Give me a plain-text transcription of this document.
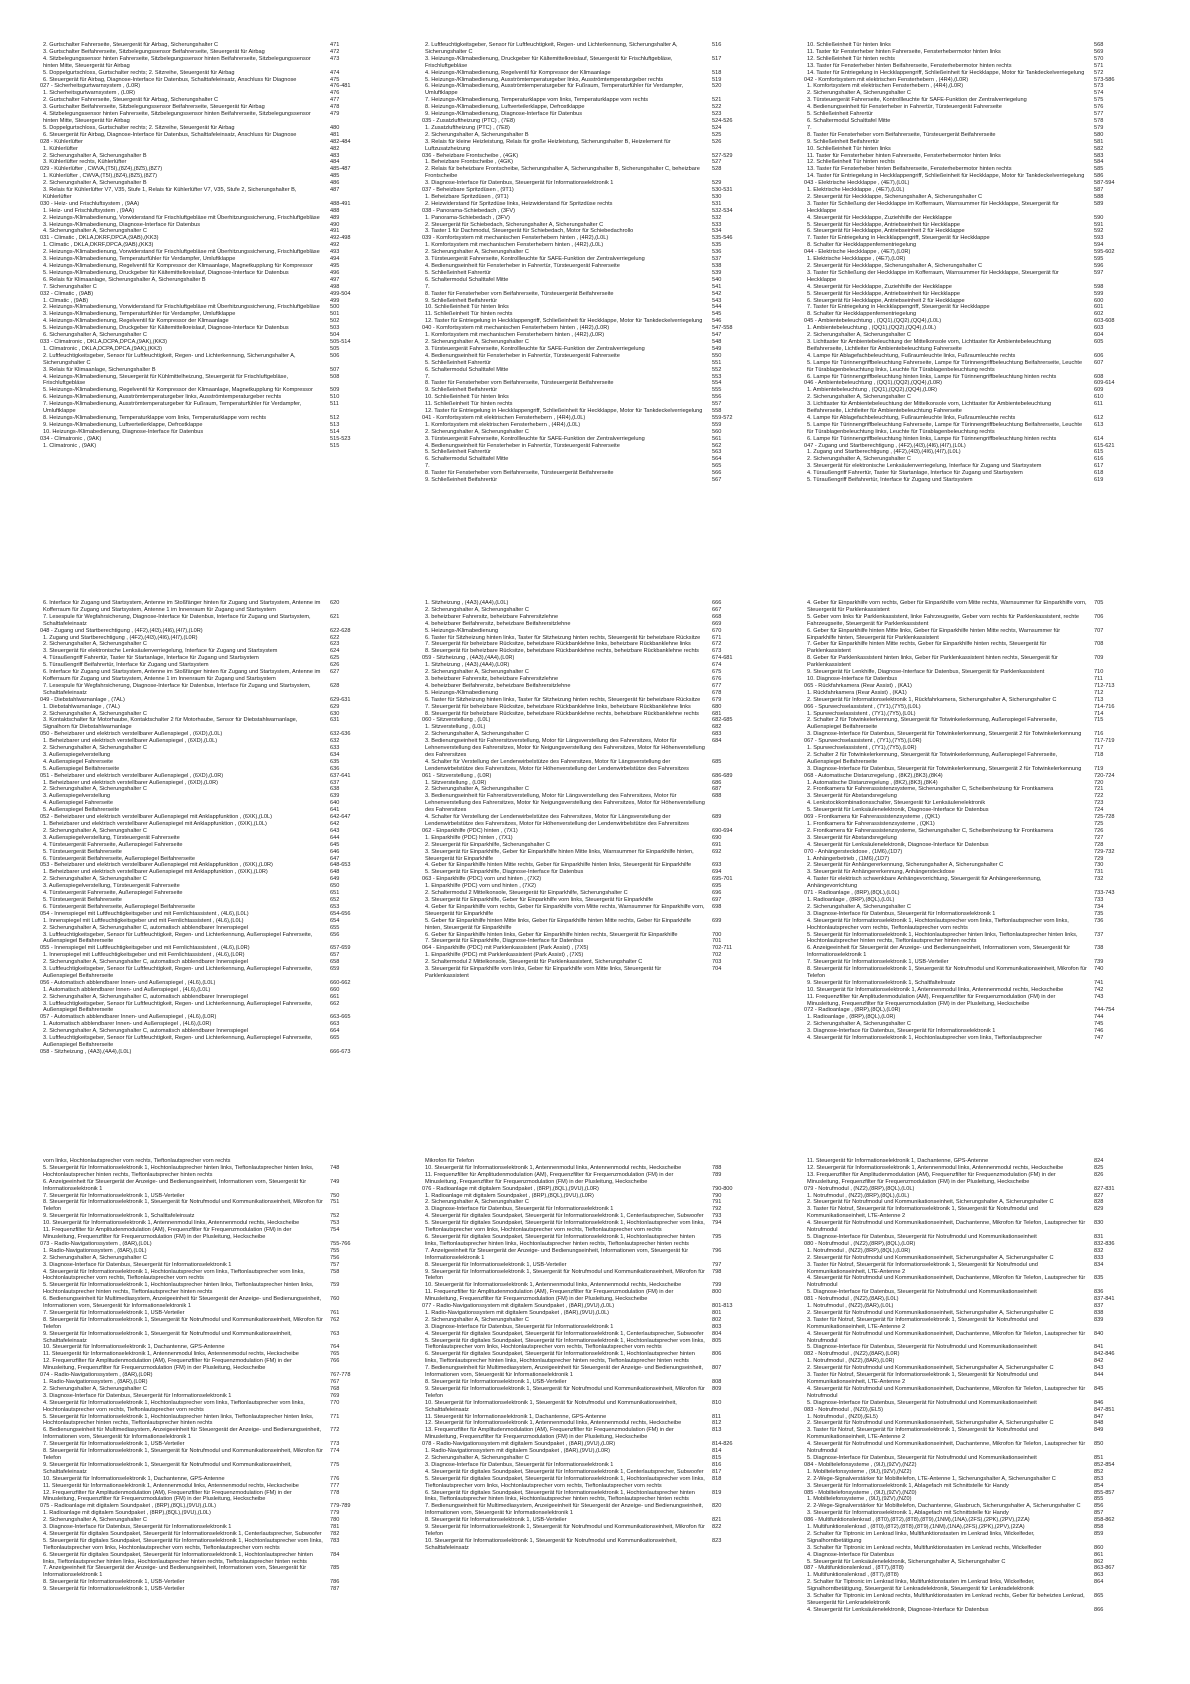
2. Gurtschalter Fahrerseite, Steuergerät für Airbag, Sicherungshalter C	471
3. Gurtschalter Beifahrerseite, Sitzbelegungssensor Beifahrerseite, Steuergerät für Airbag	472
4. Sitzbelegungssensor hinten Fahrerseite, Sitzbelegungssensor hinten Beifahrerseite, Sitzbelegungssensor hinten Mitte, Steuergerät für Airbag
473
5. Doppelgurtschloss, Gurtschalter rechts; 2. Sitzreihe, Steuergerät für Airbag	474
6. Steuergerät für Airbag, Diagnose-Interface für Datenbus, Schalttafeleinsatz, Anschluss für Diagnose	475
027 - Sicherheitsgurtwarnsystem , (L0R)	476-481
1. Sicherheitsgurtwarnsystem , (L0R)	476
2. Gurtschalter Fahrerseite, Steuergerät für Airbag, Sicherungshalter C	477
3. Gurtschalter Beifahrerseite, Sitzbelegungssensor Beifahrerseite, Steuergerät für Airbag	478
4. Sitzbelegungssensor hinten Fahrerseite, Sitzbelegungssensor hinten Beifahrerseite, Sitzbelegungssensor hinten Mitte, Steuergerät für Airbag
479
5. Doppelgurtschloss, Gurtschalter rechts; 2. Sitzreihe, Steuergerät für Airbag	480
6. Steuergerät für Airbag, Diagnose-Interface für Datenbus, Schalttafeleinsatz, Anschluss für Diagnose	481
028 - Kühlerlüfter	482-484
1. Kühlerlüfter	482
2. Sicherungshalter A, Sicherungshalter B	483
3. Kühlerlüfter rechts, Kühlerlüfter	484
029 - Kühlerlüfter , CWVA,(T5I),(8Z4),(8Z5),(8Z7)	485-487
1. Kühlerlüfter , CWVA,(T5I),(8Z4),(8Z5),(8Z7)	485
2. Sicherungshalter A, Sicherungshalter B	486
3. Relais für Kühlerlüfter V7, V35, Stufe 1, Relais für Kühlerlüfter V7, V35, Stufe 2, Sicherungshalter B, Kühlerlüfter
487
030 - Heiz- und Frischluftsystem , (9AA)	488-491
1. Heiz- und Frischluftsystem , (9AA)	488
2. Heizungs-/Klimabedienung, Vorwiderstand für Frischluftgebläse mit Überhitzungssicherung, Frischluftgebläse	489
3. Heizungs-/Klimabedienung, Diagnose-Interface für Datenbus	490
4. Sicherungshalter A, Sicherungshalter C	491
031 - Climatic , DKLA,DKRF,DPCA,(9AB),(KK3)	492-498
1. Climatic , DKLA,DKRF,DPCA,(9AB),(KK3)	492
2. Heizungs-/Klimabedienung, Vorwiderstand für Frischluftgebläse mit Überhitzungssicherung, Frischluftgebläse	493
3. Heizungs-/Klimabedienung, Temperaturfühler für Verdampfer, Umluftklappe	494
4. Heizungs-/Klimabedienung, Regelventil für Kompressor der Klimaanlage, Magnetkupplung für Kompressor	495
5. Heizungs-/Klimabedienung, Druckgeber für Kältemittelkreislauf, Diagnose-Interface für Datenbus	496
6. Relais für Klimaanlage, Sicherungshalter A, Sicherungshalter B	497
7. Sicherungshalter C	498
032 - Climatic , (9AB)	499-504
1. Climatic , (9AB)	499
2. Heizungs-/Klimabedienung, Vorwiderstand für Frischluftgebläse mit Überhitzungssicherung, Frischluftgebläse	500
3. Heizungs-/Klimabedienung, Temperaturfühler für Verdampfer, Umluftklappe	501
4. Heizungs-/Klimabedienung, Regelventil für Kompressor der Klimaanlage	502
5. Heizungs-/Klimabedienung, Druckgeber für Kältemittelkreislauf, Diagnose-Interface für Datenbus	503
6. Sicherungshalter A, Sicherungshalter C	504
033 - Climatronic , DKLA,DCPA,DPCA,(9AK),(KK3)	505-514
1. Climatronic , DKLA,DCPA,DPCA,(9AK),(KK3)	505
2. Luftfeuchtigkeitsgeber, Sensor für Luftfeuchtigkeit, Regen- und Lichterkennung, Sicherungshalter A, Sicherungshalter C
506
3. Relais für Klimaanlage, Sicherungshalter B	507
4. Heizungs-/Klimabedienung, Steuergerät für Kühlmittelheizung, Steuergerät für Frischluftgebläse, Frischluftgebläse
508
5. Heizungs-/Klimabedienung, Regelventil für Kompressor der Klimaanlage, Magnetkupplung für Kompressor	509
6. Heizungs-/Klimabedienung, Ausströmtemperaturgeber links, Ausströmtemperaturgeber rechts	510
7. Heizungs-/Klimabedienung, Ausströmtemperaturgeber für Fußraum, Temperaturfühler für Verdampfer, Umluftklappe
511
8. Heizungs-/Klimabedienung, Temperaturklappe vorn links, Temperaturklappe vorn rechts	512
9. Heizungs-/Klimabedienung, Luftverteilerklappe, Defrostklappe	513
10. Heizungs-/Klimabedienung, Diagnose-Interface für Datenbus	514
034 - Climatronic , (9AK)	515-523
1. Climatronic , (9AK)	515
2. Luftfeuchtigkeitsgeber, Sensor für Luftfeuchtigkeit, Regen- und Lichterkennung, Sicherungshalter A, Sicherungshalter C
516
3. Heizungs-/Klimabedienung, Druckgeber für Kältemittelkreislauf, Steuergerät für Frischluftgebläse, Frischluftgebläse
517
4. Heizungs-/Klimabedienung, Regelventil für Kompressor der Klimaanlage	518
5. Heizungs-/Klimabedienung, Ausströmtemperaturgeber links, Ausströmtemperaturgeber rechts	519
6. Heizungs-/Klimabedienung, Ausströmtemperaturgeber für Fußraum, Temperaturfühler für Verdampfer, Umluftklappe
520
7. Heizungs-/Klimabedienung, Temperaturklappe vorn links, Temperaturklappe vorn rechts	521
8. Heizungs-/Klimabedienung, Luftverteilerklappe, Defrostklappe	522
9. Heizungs-/Klimabedienung, Diagnose-Interface für Datenbus	523
035 - Zusatzluftheizung (PTC) , (7E8)	524-526
1. Zusatzluftheizung (PTC) , (7E8)	524
2. Sicherungshalter A, Sicherungshalter B	525
3. Relais für kleine Heizleistung, Relais für große Heizleistung, Sicherungshalter B, Heizelement für Luftzusatzheizung
526
036 - Beheizbare Frontscheibe , (4GK)	527-529
1. Beheizbare Frontscheibe , (4GK)	527
2. Relais für beheizbare Frontscheibe, Sicherungshalter A, Sicherungshalter B, Sicherungshalter C, beheizbare Frontscheibe
528
3. Diagnose-Interface für Datenbus, Steuergerät für Informationselektronik 1	529
037 - Beheizbare Spritzdüsen , (9T1)	530-531
1. Beheizbare Spritzdüsen , (9T1)	530
2. Heizwiderstand für Spritzdüse links, Heizwiderstand für Spritzdüse rechts	531
038 - Panorama-Schiebedach , (3FV)	532-534
1. Panorama-Schiebedach , (3FV)	532
2. Steuergerät für Schiebedach, Sicherungshalter A, Sicherungshalter C	533
3. Taster 1 für Dachmodul, Steuergerät für Schiebedach, Motor für Schiebedachrollo	534
039 - Komfortsystem mit mechanischen Fensterhebern hinten , (4R2),(L0L)	535-546
1. Komfortsystem mit mechanischen Fensterhebern hinten , (4R2),(L0L)	535
2. Sicherungshalter A, Sicherungshalter C	536
3. Türsteuergerät Fahrerseite, Kontrollleuchte für SAFE-Funktion der Zentralverriegelung	537
4. Bedienungseinheit für Fensterheber in Fahrertür, Türsteuergerät Fahrerseite	538
5. Schließeinheit Fahrertür	539
6. Schaltermodul Schalttafel Mitte	540
7.	541
8. Taster für Fensterheber vorn Beifahrerseite, Türsteuergerät Beifahrerseite	542
9. Schließeinheit Beifahrertür	543
10. Schließeinheit Tür hinten links	544
11. Schließeinheit Tür hinten rechts	545
12. Taster für Entriegelung in Heckklappengriff, Schließeinheit für Heckklappe, Motor für Tankdeckelverriegelung	546
040 - Komfortsystem mit mechanischen Fensterhebern hinten , (4R2),(L0R)	547-558
1. Komfortsystem mit mechanischen Fensterhebern hinten , (4R2),(L0R)	547
2. Sicherungshalter A, Sicherungshalter C	548
3. Türsteuergerät Fahrerseite, Kontrollleuchte für SAFE-Funktion der Zentralverriegelung	549
4. Bedienungseinheit für Fensterheber in Fahrertür, Türsteuergerät Fahrerseite	550
5. Schließeinheit Fahrertür	551
6. Schaltermodul Schalttafel Mitte	552
7.	553
8. Taster für Fensterheber vorn Beifahrerseite, Türsteuergerät Beifahrerseite	554
9. Schließeinheit Beifahrertür	555
10. Schließeinheit Tür hinten links	556
11. Schließeinheit Tür hinten rechts	557
12. Taster für Entriegelung in Heckklappengriff, Schließeinheit für Heckklappe, Motor für Tankdeckelverriegelung	558
041 - Komfortsystem mit elektrischen Fensterhebern , (4R4),(L0L)	559-572
1. Komfortsystem mit elektrischen Fensterhebern , (4R4),(L0L)	559
2. Sicherungshalter A, Sicherungshalter C	560
3. Türsteuergerät Fahrerseite, Kontrollleuchte für SAFE-Funktion der Zentralverriegelung	561
4. Bedienungseinheit für Fensterheber in Fahrertür, Türsteuergerät Fahrerseite	562
5. Schließeinheit Fahrertür	563
6. Schaltermodul Schalttafel Mitte	564
7.	565
8. Taster für Fensterheber vorn Beifahrerseite, Türsteuergerät Beifahrerseite	566
9. Schließeinheit Beifahrertür	567
10. Schließeinheit Tür hinten links	568
11. Taster für Fensterheber hinten Fahrerseite, Fensterhebermotor hinten links	569
12. Schließeinheit Tür hinten rechts	570
13. Taster für Fensterheber hinten Beifahrerseite, Fensterhebermotor hinten rechts	571
14. Taster für Entriegelung in Heckklappengriff, Schließeinheit für Heckklappe, Motor für Tankdeckelverriegelung	572
042 - Komfortsystem mit elektrischen Fensterhebern , (4R4),(L0R)	573-586
1. Komfortsystem mit elektrischen Fensterhebern , (4R4),(L0R)	573
2. Sicherungshalter A, Sicherungshalter C	574
3. Türsteuergerät Fahrerseite, Kontrollleuchte für SAFE-Funktion der Zentralverriegelung	575
4. Bedienungseinheit für Fensterheber in Fahrertür, Türsteuergerät Fahrerseite	576
5. Schließeinheit Fahrertür	577
6. Schaltermodul Schalttafel Mitte	578
7.	579
8. Taster für Fensterheber vorn Beifahrerseite, Türsteuergerät Beifahrerseite	580
9. Schließeinheit Beifahrertür	581
10. Schließeinheit Tür hinten links	582
11. Taster für Fensterheber hinten Fahrerseite, Fensterhebermotor hinten links	583
12. Schließeinheit Tür hinten rechts	584
13. Taster für Fensterheber hinten Beifahrerseite, Fensterhebermotor hinten rechts	585
14. Taster für Entriegelung in Heckklappengriff, Schließeinheit für Heckklappe, Motor für Tankdeckelverriegelung	586
043 - Elektrische Heckklappe , (4E7),(L0L)	587-594
1. Elektrische Heckklappe , (4E7),(L0L)	587
2. Steuergerät für Heckklappe, Sicherungshalter A, Sicherungshalter C	588
3. Taster für Schließung der Heckklappe im Kofferraum, Warnsummer für Heckklappe, Steuergerät für Heckklappe
589
4. Steuergerät für Heckklappe, Zuziehhilfe der Heckklappe	590
5. Steuergerät für Heckklappe, Antriebseinheit für Heckklappe	591
6. Steuergerät für Heckklappe, Antriebseinheit 2 für Heckklappe	592
7. Taster für Entriegelung in Heckklappengriff, Steuergerät für Heckklappe	593
8. Schalter für Heckklappenfernentriegelung	594
044 - Elektrische Heckklappe , (4E7),(L0R)	595-602
1. Elektrische Heckklappe , (4E7),(L0R)	595
2. Steuergerät für Heckklappe, Sicherungshalter A, Sicherungshalter C	596
3. Taster für Schließung der Heckklappe im Kofferraum, Warnsummer für Heckklappe, Steuergerät für Heckklappe
597
4. Steuergerät für Heckklappe, Zuziehhilfe der Heckklappe	598
5. Steuergerät für Heckklappe, Antriebseinheit für Heckklappe	599
6. Steuergerät für Heckklappe, Antriebseinheit 2 für Heckklappe	600
7. Taster für Entriegelung in Heckklappengriff, Steuergerät für Heckklappe	601
8. Schalter für Heckklappenfernentriegelung	602
045 - Ambientebeleuchtung , (QQ1),(QQ2),(QQ4),(L0L)	603-608
1. Ambientebeleuchtung , (QQ1),(QQ2),(QQ4),(L0L)	603
2. Sicherungshalter A, Sicherungshalter C	604
3. Lichttaster für Ambientebeleuchtung der Mittelkonsole vorn, Lichttaster für Ambientebeleuchtung Beifahrerseite, Lichtleiter für Ambientebeleuchtung Fahrerseite
605
4. Lampe für Ablagefachbeleuchtung, Fußraumleuchte links, Fußraumleuchte rechts	606
5. Lampe für Türinnengriffbeleuchtung Fahrerseite, Lampe für Türinnengriffbeleuchtung Beifahrerseite, Leuchte für Türablagenbeleuchtung links, Leuchte für Türablagenbeleuchtung rechts
607
6. Lampe für Türinnengriffbeleuchtung hinten links, Lampe für Türinnengriffbeleuchtung hinten rechts	608
046 - Ambientebeleuchtung , (QQ1),(QQ2),(QQ4),(L0R)	609-614
1. Ambientebeleuchtung , (QQ1),(QQ2),(QQ4),(L0R)	609
2. Sicherungshalter A, Sicherungshalter C	610
3. Lichttaster für Ambientebeleuchtung der Mittelkonsole vorn, Lichttaster für Ambientebeleuchtung Beifahrerseite, Lichtleiter für Ambientebeleuchtung Fahrerseite
611
4. Lampe für Ablagefachbeleuchtung, Fußraumleuchte links, Fußraumleuchte rechts	612
5. Lampe für Türinnengriffbeleuchtung Fahrerseite, Lampe für Türinnengriffbeleuchtung Beifahrerseite, Leuchte für Türablagenbeleuchtung links, Leuchte für Türablagenbeleuchtung rechts
613
6. Lampe für Türinnengriffbeleuchtung hinten links, Lampe für Türinnengriffbeleuchtung hinten rechts	614
047 - Zugang und Startberechtigung , (4F2),(4I3),(4I6),(4I7),(L0L)	615-621
1. Zugang und Startberechtigung , (4F2),(4I3),(4I6),(4I7),(L0L)	615
2. Sicherungshalter A, Sicherungshalter C	616
3. Steuergerät für elektronische Lenksäulenverriegelung, Interface für Zugang und Startsystem	617
4. Türaußengriff Fahrertür, Taster für Startanlage, Interface für Zugang und Startsystem	618
5. Türaußengriff Beifahrertür, Interface für Zugang und Startsystem	619
6. Interface für Zugang und Startsystem, Antenne im Stoßfänger hinten für Zugang und Startsystem, Antenne im Kofferraum für Zugang und Startsystem, Antenne 1 im Innenraum für Zugang und Startsystem
620
7. Lesespule für Wegfahrsicherung, Diagnose-Interface für Datenbus, Interface für Zugang und Startsystem, Schalttafeleinsatz
621
048 - Zugang und Startberechtigung , (4F2),(4I3),(4I6),(4I7),(L0R)	622-628
1. Zugang und Startberechtigung , (4F2),(4I3),(4I6),(4I7),(L0R)	622
2. Sicherungshalter A, Sicherungshalter C	623
3. Steuergerät für elektronische Lenksäulenverriegelung, Interface für Zugang und Startsystem	624
4. Türaußengriff Fahrertür, Taster für Startanlage, Interface für Zugang und Startsystem	625
5. Türaußengriff Beifahrertür, Interface für Zugang und Startsystem	626
6. Interface für Zugang und Startsystem, Antenne im Stoßfänger hinten für Zugang und Startsystem, Antenne im Kofferraum für Zugang und Startsystem, Antenne 1 im Innenraum für Zugang und Startsystem
627
7. Lesespule für Wegfahrsicherung, Diagnose-Interface für Datenbus, Interface für Zugang und Startsystem, Schalttafeleinsatz
628
049 - Diebstahlwarnanlage , (7AL)	629-631
1. Diebstahlwarnanlage , (7AL)	629
2. Sicherungshalter A, Sicherungshalter C	630
3. Kontaktschalter für Motorhaube, Kontaktschalter 2 für Motorhaube, Sensor für Diebstahlwarnanlage, Signalhorn für Diebstahlwarnanlage
631
050 - Beheizbarer und elektrisch verstellbarer Außenspiegel , (6XD),(L0L)	632-636
1. Beheizbarer und elektrisch verstellbarer Außenspiegel , (6XD),(L0L)	632
2. Sicherungshalter A, Sicherungshalter C	633
3. Außenspiegelverstellung	634
4. Außenspiegel Fahrerseite	635
5. Außenspiegel Beifahrerseite	636
051 - Beheizbarer und elektrisch verstellbarer Außenspiegel , (6XD),(L0R)	637-641
1. Beheizbarer und elektrisch verstellbarer Außenspiegel , (6XD),(L0R)	637
2. Sicherungshalter A, Sicherungshalter C	638
3. Außenspiegelverstellung	639
4. Außenspiegel Fahrerseite	640
5. Außenspiegel Beifahrerseite	641
052 - Beheizbarer und elektrisch verstellbarer Außenspiegel mit Anklappfunktion , (6XK),(L0L)	642-647
1. Beheizbarer und elektrisch verstellbarer Außenspiegel mit Anklappfunktion , (6XK),(L0L)	642
2. Sicherungshalter A, Sicherungshalter C	643
3. Außenspiegelverstellung, Türsteuergerät Fahrerseite	644
4. Türsteuergerät Fahrerseite, Außenspiegel Fahrerseite	645
5. Türsteuergerät Beifahrerseite	646
6. Türsteuergerät Beifahrerseite, Außenspiegel Beifahrerseite	647
053 - Beheizbarer und elektrisch verstellbarer Außenspiegel mit Anklappfunktion , (6XK),(L0R)	648-653
1. Beheizbarer und elektrisch verstellbarer Außenspiegel mit Anklappfunktion , (6XK),(L0R)	648
2. Sicherungshalter A, Sicherungshalter C	649
3. Außenspiegelverstellung, Türsteuergerät Fahrerseite	650
4. Türsteuergerät Fahrerseite, Außenspiegel Fahrerseite	651
5. Türsteuergerät Beifahrerseite	652
6. Türsteuergerät Beifahrerseite, Außenspiegel Beifahrerseite	653
054 - Innenspiegel mit Luftfeuchtigkeitsgeber und mit Fernlichtassistent , (4L6),(L0L)	654-656
1. Innenspiegel mit Luftfeuchtigkeitsgeber und mit Fernlichtassistent , (4L6),(L0L)	654
2. Sicherungshalter A, Sicherungshalter C, automatisch abblendbarer Innenspiegel	655
3. Luftfeuchtigkeitsgeber, Sensor für Luftfeuchtigkeit, Regen- und Lichterkennung, Außenspiegel Fahrerseite, Außenspiegel Beifahrerseite
656
055 - Innenspiegel mit Luftfeuchtigkeitsgeber und mit Fernlichtassistent , (4L6),(L0R)	657-659
1. Innenspiegel mit Luftfeuchtigkeitsgeber und mit Fernlichtassistent , (4L6),(L0R)	657
2. Sicherungshalter A, Sicherungshalter C, automatisch abblendbarer Innenspiegel	658
3. Luftfeuchtigkeitsgeber, Sensor für Luftfeuchtigkeit, Regen- und Lichterkennung, Außenspiegel Fahrerseite, Außenspiegel Beifahrerseite
659
056 - Automatisch abblendbarer Innen- und Außenspiegel , (4L6),(L0L)	660-662
1. Automatisch abblendbarer Innen- und Außenspiegel , (4L6),(L0L)	660
2. Sicherungshalter A, Sicherungshalter C, automatisch abblendbarer Innenspiegel	661
3. Luftfeuchtigkeitsgeber, Sensor für Luftfeuchtigkeit, Regen- und Lichterkennung, Außenspiegel Fahrerseite, Außenspiegel Beifahrerseite
662
057 - Automatisch abblendbarer Innen- und Außenspiegel , (4L6),(L0R)	663-665
1. Automatisch abblendbarer Innen- und Außenspiegel , (4L6),(L0R)	663
2. Sicherungshalter A, Sicherungshalter C, automatisch abblendbarer Innenspiegel	664
3. Luftfeuchtigkeitsgeber, Sensor für Luftfeuchtigkeit, Regen- und Lichterkennung, Außenspiegel Fahrerseite, Außenspiegel Beifahrerseite
665
058 - Sitzheizung , (4A3),(4A4),(L0L)	666-673
1. Sitzheizung , (4A3),(4A4),(L0L)	666
2. Sicherungshalter A, Sicherungshalter C	667
3. beheizbarer Fahrersitz, beheizbare Fahrersitzlehne	668
4. beheizbarer Beifahrersitz, beheizbare Beifahrersitzlehne	669
5. Heizungs-/Klimabedienung	670
6. Taster für Sitzheizung hinten links, Taster für Sitzheizung hinten rechts, Steuergerät für beheizbare Rücksitze	671
7. Steuergerät für beheizbare Rücksitze, beheizbare Rückbanklehne links, beheizbare Rückbanklehne links	672
8. Steuergerät für beheizbare Rücksitze, beheizbare Rückbanklehne rechts, beheizbare Rückbanklehne rechts	673
059 - Sitzheizung , (4A3),(4A4),(L0R)	674-681
1. Sitzheizung , (4A3),(4A4),(L0R)	674
2. Sicherungshalter A, Sicherungshalter C	675
3. beheizbarer Fahrersitz, beheizbare Fahrersitzlehne	676
4. beheizbarer Beifahrersitz, beheizbare Beifahrersitzlehne	677
5. Heizungs-/Klimabedienung	678
6. Taster für Sitzheizung hinten links, Taster für Sitzheizung hinten rechts, Steuergerät für beheizbare Rücksitze	679
7. Steuergerät für beheizbare Rücksitze, beheizbare Rückbanklehne links, beheizbare Rückbanklehne links	680
8. Steuergerät für beheizbare Rücksitze, beheizbare Rückbanklehne rechts, beheizbare Rückbanklehne rechts	681
060 - Sitzverstellung , (L0L)	682-685
1. Sitzverstellung , (L0L)	682
2. Sicherungshalter A, Sicherungshalter C	683
3. Bedienungseinheit für Fahrersitzverstellung, Motor für Längsverstellung des Fahrersitzes, Motor für Lehnenverstellung des Fahrersitzes, Motor für Neigungsverstellung des Fahrersitzes, Motor für Höhenverstellung des Fahrersitzes
684
4. Schalter für Verstellung der Lendenwirbelstütze des Fahrersitzes, Motor für Längsverstellung der Lendenwirbelstütze des Fahrersitzes, Motor für Höhenverstellung der Lendenwirbelstütze des Fahrersitzes
685
061 - Sitzverstellung , (L0R)	686-689
1. Sitzverstellung , (L0R)	686
2. Sicherungshalter A, Sicherungshalter C	687
3. Bedienungseinheit für Fahrersitzverstellung, Motor für Längsverstellung des Fahrersitzes, Motor für Lehnenverstellung des Fahrersitzes, Motor für Neigungsverstellung des Fahrersitzes, Motor für Höhenverstellung des Fahrersitzes
688
4. Schalter für Verstellung der Lendenwirbelstütze des Fahrersitzes, Motor für Längsverstellung der Lendenwirbelstütze des Fahrersitzes, Motor für Höhenverstellung der Lendenwirbelstütze des Fahrersitzes
689
062 - Einparkhilfe (PDC) hinten , (7X1)	690-694
1. Einparkhilfe (PDC) hinten , (7X1)	690
2. Steuergerät für Einparkhilfe, Sicherungshalter C	691
3. Steuergerät für Einparkhilfe, Geber für Einparkhilfe hinten Mitte links, Warnsummer für Einparkhilfe hinten, Steuergerät für Einparkhilfe
692
4. Geber für Einparkhilfe hinten Mitte rechts, Geber für Einparkhilfe hinten links, Steuergerät für Einparkhilfe	693
5. Steuergerät für Einparkhilfe, Diagnose-Interface für Datenbus	694
063 - Einparkhilfe (PDC) vorn und hinten , (7X2)	695-701
1. Einparkhilfe (PDC) vorn und hinten , (7X2)	695
2. Schaltermodul 2 Mittelkonsole, Steuergerät für Einparkhilfe, Sicherungshalter C	696
3. Steuergerät für Einparkhilfe, Geber für Einparkhilfe vorn links, Steuergerät für Einparkhilfe	697
4. Geber für Einparkhilfe vorn rechts, Geber für Einparkhilfe vorn Mitte rechts, Warnsummer für Einparkhilfe vorn, Steuergerät für Einparkhilfe
698
5. Geber für Einparkhilfe hinten Mitte links, Geber für Einparkhilfe hinten Mitte rechts, Geber für Einparkhilfe hinten, Steuergerät für Einparkhilfe
699
6. Geber für Einparkhilfe hinten links, Geber für Einparkhilfe hinten rechts, Steuergerät für Einparkhilfe	700
7. Steuergerät für Einparkhilfe, Diagnose-Interface für Datenbus	701
064 - Einparkhilfe (PDC) mit Parklenkassistent (Park Assist) , (7X5)	702-711
1. Einparkhilfe (PDC) mit Parklenkassistent (Park Assist) , (7X5)	702
2. Schaltermodul 2 Mittelkonsole, Steuergerät für Parklenkassistent, Sicherungshalter C	703
3. Steuergerät für Einparkhilfe vorn links, Geber für Einparkhilfe vorn Mitte links, Steuergerät für Parklenkassistent
704
4. Geber für Einparkhilfe vorn rechts, Geber für Einparkhilfe vorn Mitte rechts, Warnsummer für Einparkhilfe vorn, Steuergerät für Parklenkassistent
705
5. Geber vorn links für Parklenkassistent, linke Fahrzeugseite, Geber vorn rechts für Parklenkassistent, rechte Fahrzeugseite, Steuergerät für Parklenkassistent
706
6. Geber für Einparkhilfe hinten Mitte links, Geber für Einparkhilfe hinten Mitte rechts, Warnsummer für Einparkhilfe hinten, Steuergerät für Parklenkassistent
707
7. Geber für Einparkhilfe hinten Mitte rechts, Geber für Einparkhilfe hinten rechts, Steuergerät für Parklenkassistent
708
8. Geber für Parklenkassistent hinten links, Geber für Parklenkassistent hinten rechts, Steuergerät für Parklenkassistent
709
9. Steuergerät für Lenkhilfe, Diagnose-Interface für Datenbus, Steuergerät für Parklenkassistent	710
10. Diagnose-Interface für Datenbus	711
065 - Rückfahrkamera (Rear Assist) , (KA1)	712-713
1. Rückfahrkamera (Rear Assist) , (KA1)	712
2. Steuergerät für Informationselektronik 1, Rückfahrkamera, Sicherungshalter A, Sicherungshalter C	713
066 - Spurwechselassistent , (7Y1),(7Y5),(L0L)	714-716
1. Spurwechselassistent , (7Y1),(7Y5),(L0L)	714
2. Schalter 2 für Totwinkelerkennung, Steuergerät für Totwinkelerkennung, Außenspiegel Fahrerseite, Außenspiegel Beifahrerseite
715
3. Diagnose-Interface für Datenbus, Steuergerät für Totwinkelerkennung, Steuergerät 2 für Totwinkelerkennung	716
067 - Spurwechselassistent , (7Y1),(7Y5),(L0R)	717-719
1. Spurwechselassistent , (7Y1),(7Y5),(L0R)	717
2. Schalter 2 für Totwinkelerkennung, Steuergerät für Totwinkelerkennung, Außenspiegel Fahrerseite, Außenspiegel Beifahrerseite
718
3. Diagnose-Interface für Datenbus, Steuergerät für Totwinkelerkennung, Steuergerät 2 für Totwinkelerkennung	719
068 - Automatische Distanzregelung , (8K2),(8K3),(8K4)	720-724
1. Automatische Distanzregelung , (8K2),(8K3),(8K4)	720
2. Frontkamera für Fahrerassistenzsysteme, Sicherungshalter C, Scheibenheizung für Frontkamera	721
3. Steuergerät für Abstandsregelung	722
4. Lenkstockkombinationsschalter, Steuergerät für Lenksäulenelektronik	723
5. Steuergerät für Lenksäulenelektronik, Diagnose-Interface für Datenbus	724
069 - Frontkamera für Fahrerassistenzsysteme , (QK1)	725-728
1. Frontkamera für Fahrerassistenzsysteme , (QK1)	725
2. Frontkamera für Fahrerassistenzsysteme, Sicherungshalter C, Scheibenheizung für Frontkamera	726
3. Steuergerät für Abstandsregelung	727
4. Steuergerät für Lenksäulenelektronik, Diagnose-Interface für Datenbus	728
070 - Anhängersteckdose , (1M6),(1D7)	729-732
1. Anhängerbetrieb , (1M6),(1D7)	729
2. Steuergerät für Anhängererkennung, Sicherungshalter A, Sicherungshalter C	730
3. Steuergerät für Anhängererkennung, Anhängersteckdose	731
4. Taster für elektrisch schwenkbare Anhängevorrichtung, Steuergerät für Anhängererkennung, Anhängevorrichtung
732
071 - Radioanlage , (8RP),(8QL),(L0L)	733-743
1. Radioanlage , (8RP),(8QL),(L0L)	733
2. Sicherungshalter A, Sicherungshalter C	734
3. Diagnose-Interface für Datenbus, Steuergerät für Informationselektronik 1	735
4. Steuergerät für Informationselektronik 1, Hochtonlautsprecher vorn links, Tieftonlautsprecher vorn links, Hochtonlautsprecher vorn rechts, Tieftonlautsprecher vorn rechts
736
5. Steuergerät für Informationselektronik 1, Hochtonlautsprecher hinten links, Tieftonlautsprecher hinten links, Hochtonlautsprecher hinten rechts, Tieftonlautsprecher hinten rechts
737
6. Anzeigeeinheit für Steuergerät der Anzeige- und Bedienungseinheit, Informationen vorn, Steuergerät für Informationselektronik 1
738
7. Steuergerät für Informationselektronik 1, USB-Verteiler	739
8. Steuergerät für Informationselektronik 1, Steuergerät für Notrufmodul und Kommunikationseinheit, Mikrofon für Telefon
740
9. Steuergerät für Informationselektronik 1, Schaltfaltelnsatz	741
10. Steuergerät für Informationselektronik 1, Antennenmodul links, Antennenmodul rechts, Heckscheibe	742
11. Frequenzfilter für Amplitudenmodulation (AM), Frequenzfilter für Frequenzmodulation (FM) in der Minusleitung, Frequenzfilter für Frequenzmodulation (FM) in der Plusleitung, Heckscheibe
743
072 - Radioanlage , (8RP),(8QL),(L0R)	744-754
1. Radioanlage , (8RP),(8QL),(L0R)	744
2. Sicherungshalter A, Sicherungshalter C	745
3. Diagnose-Interface für Datenbus, Steuergerät für Informationselektronik 1	746
4. Steuergerät für Informationselektronik 1, Hochtonlautsprecher vorn links, Tieftonlautsprecher	747
vorn links, Hochtonlautsprecher vorn rechts, Tieftonlautsprecher vorn rechts
5. Steuergerät für Informationselektronik 1, Hochtonlautsprecher hinten links, Tieftonlautsprecher hinten links, Hochtonlautsprecher hinten rechts, Tieftonlautsprecher hinten rechts
748
6. Anzeigeeinheit für Steuergerät der Anzeige- und Bedienungseinheit, Informationen vorn, Steuergerät für Informationselektronik 1
749
7. Steuergerät für Informationselektronik 1, USB-Verteiler	750
8. Steuergerät für Informationselektronik 1, Steuergerät für Notrufmodul und Kommunikationseinheit, Mikrofon für Telefon
751
9. Steuergerät für Informationselektronik 1, Schalttafeleinsatz	752
10. Steuergerät für Informationselektronik 1, Antennenmodul links, Antennenmodul rechts, Heckscheibe	753
11. Frequenzfilter für Amplitudenmodulation (AM), Frequenzfilter für Frequenzmodulation (FM) in der Minusleitung, Frequenzfilter für Frequenzmodulation (FM) in der Plusleitung, Heckscheibe
754
073 - Radio-Navigationssystem , (8AR),(L0L)	755-766
1. Radio-Navigationssystem , (8AR),(L0L)	755
2. Sicherungshalter A, Sicherungshalter C	756
3. Diagnose-Interface für Datenbus, Steuergerät für Informationselektronik 1	757
4. Steuergerät für Informationselektronik 1, Hochtonlautsprecher vorn links, Tieftonlautsprecher vorn links, Hochtonlautsprecher vorn rechts, Tieftonlautsprecher vorn rechts
758
5. Steuergerät für Informationselektronik 1, Hochtonlautsprecher hinten links, Tieftonlautsprecher hinten links, Hochtonlautsprecher hinten rechts, Tieftonlautsprecher hinten rechts
759
6. Bedienungseinheit für Multimediasystem, Anzeigeeinheit für Steuergerät der Anzeige- und Bedienungseinheit, Informationen vorn, Steuergerät für Informationselektronik 1
760
7. Steuergerät für Informationselektronik 1, USB-Verteiler	761
8. Steuergerät für Informationselektronik 1, Steuergerät für Notrufmodul und Kommunikationseinheit, Mikrofon für Telefon
762
9. Steuergerät für Informationselektronik 1, Steuergerät für Notrufmodul und Kommunikationseinheit, Schalttafeleinsatz
763
10. Steuergerät für Informationselektronik 1, Dachantenne, GPS-Antenne	764
11. Steuergerät für Informationselektronik 1, Antennenmodul links, Antennenmodul rechts, Heckscheibe	765
12. Frequenzfilter für Amplitudenmodulation (AM), Frequenzfilter für Frequenzmodulation (FM) in der Minusleitung, Frequenzfilter für Frequenzmodulation (FM) in der Plusleitung, Heckscheibe
766
074 - Radio-Navigationssystem , (8AR),(L0R)	767-778
1. Radio-Navigationssystem , (8AR),(L0R)	767
2. Sicherungshalter A, Sicherungshalter C	768
3. Diagnose-Interface für Datenbus, Steuergerät für Informationselektronik 1	769
4. Steuergerät für Informationselektronik 1, Hochtonlautsprecher vorn links, Tieftonlautsprecher vorn links, Hochtonlautsprecher vorn rechts, Tieftonlautsprecher vorn rechts
770
5. Steuergerät für Informationselektronik 1, Hochtonlautsprecher hinten links, Tieftonlautsprecher hinten links, Hochtonlautsprecher hinten rechts, Tieftonlautsprecher hinten rechts
771
6. Bedienungseinheit für Multimediasystem, Anzeigeeinheit für Steuergerät der Anzeige- und Bedienungseinheit, Informationen vorn, Steuergerät für Informationselektronik 1
772
7. Steuergerät für Informationselektronik 1, USB-Verteiler	773
8. Steuergerät für Informationselektronik 1, Steuergerät für Notrufmodul und Kommunikationseinheit, Mikrofon für Telefon
774
9. Steuergerät für Informationselektronik 1, Steuergerät für Notrufmodul und Kommunikationseinheit, Schalttafeleinsatz
775
10. Steuergerät für Informationselektronik 1, Dachantenne, GPS-Antenne	776
11. Steuergerät für Informationselektronik 1, Antennenmodul links, Antennenmodul rechts, Heckscheibe	777
12. Frequenzfilter für Amplitudenmodulation (AM), Frequenzfilter für Frequenzmodulation (FM) in der Minusleitung, Frequenzfilter für Frequenzmodulation (FM) in der Plusleitung, Heckscheibe
778
075 - Radioanlage mit digitalem Soundpaket , (8RP),(8QL),(9VU),(L0L)	779-789
1. Radioanlage mit digitalem Soundpaket , (8RP),(8QL),(9VU),(L0L)	779
2. Sicherungshalter A, Sicherungshalter C	780
3. Diagnose-Interface für Datenbus, Steuergerät für Informationselektronik 1	781
4. Steuergerät für digitales Soundpaket, Steuergerät für Informationselektronik 1, Centerlautsprecher, Subwoofer 782
5. Steuergerät für digitales Soundpaket, Steuergerät für Informationselektronik 1, Hochtonlautsprecher vorn links, Tieftonlautsprecher vorn links, Hochtonlautsprecher vorn rechts, Tieftonlautsprecher vorn rechts
783
6. Steuergerät für digitales Soundpaket, Steuergerät für Informationselektronik 1, Hochtonlautsprecher hinten links, Tieftonlautsprecher hinten links, Hochtonlautsprecher hinten rechts, Tieftonlautsprecher hinten rechts
784
7. Anzeigeeinheit für Steuergerät der Anzeige- und Bedienungseinheit, Informationen vorn, Steuergerät für Informationselektronik 1
785
8. Steuergerät für Informationselektronik 1, USB-Verteiler	786
9. Steuergerät für Informationselektronik 1, USB-Verteiler	787
Mikrofon für Telefon
10. Steuergerät für Informationselektronik 1, Antennenmodul links, Antennenmodul rechts, Heckscheibe	788
11. Frequenzfilter für Amplitudenmodulation (AM), Frequenzfilter für Frequenzmodulation (FM) in der Minusleitung, Frequenzfilter für Frequenzmodulation (FM) in der Plusleitung, Heckscheibe
789
076 - Radioanlage mit digitalem Soundpaket , (8RP),(8QL),(9VU),(L0R)	790-800
1. Radioanlage mit digitalem Soundpaket , (8RP),(8QL),(9VU),(L0R)	790
2. Sicherungshalter A, Sicherungshalter C	791
3. Diagnose-Interface für Datenbus, Steuergerät für Informationselektronik 1	792
4. Steuergerät für digitales Soundpaket, Steuergerät für Informationselektronik 1, Centerlautsprecher, Subwoofer 793
5. Steuergerät für digitales Soundpaket, Steuergerät für Informationselektronik 1, Hochtonlautsprecher vorn links, Tieftonlautsprecher vorn links, Hochtonlautsprecher vorn rechts, Tieftonlautsprecher vorn rechts
794
6. Steuergerät für digitales Soundpaket, Steuergerät für Informationselektronik 1, Hochtonlautsprecher hinten links, Tieftonlautsprecher hinten links, Hochtonlautsprecher hinten rechts, Tieftonlautsprecher hinten rechts
795
7. Anzeigeeinheit für Steuergerät der Anzeige- und Bedienungseinheit, Informationen vorn, Steuergerät für Informationselektronik 1
796
8. Steuergerät für Informationselektronik 1, USB-Verteiler	797
9. Steuergerät für Informationselektronik 1, Steuergerät für Notrufmodul und Kommunikationseinheit, Mikrofon für Telefon
798
10. Steuergerät für Informationselektronik 1, Antennenmodul links, Antennenmodul rechts, Heckscheibe	799
11. Frequenzfilter für Amplitudenmodulation (AM), Frequenzfilter für Frequenzmodulation (FM) in der Minusleitung, Frequenzfilter für Frequenzmodulation (FM) in der Plusleitung, Heckscheibe
800
077 - Radio-Navigationssystem mit digitalem Soundpaket , (8AR),(9VU),(L0L)	801-813
1. Radio-Navigationssystem mit digitalem Soundpaket , (8AR),(9VU),(L0L)	801
2. Sicherungshalter A, Sicherungshalter C	802
3. Diagnose-Interface für Datenbus, Steuergerät für Informationselektronik 1	803
4. Steuergerät für digitales Soundpaket, Steuergerät für Informationselektronik 1, Centerlautsprecher, Subwoofer 804
5. Steuergerät für digitales Soundpaket, Steuergerät für Informationselektronik 1, Hochtonlautsprecher vorn links, Tieftonlautsprecher vorn links, Hochtonlautsprecher vorn rechts, Tieftonlautsprecher vorn rechts
805
6. Steuergerät für digitales Soundpaket, Steuergerät für Informationselektronik 1, Hochtonlautsprecher hinten links, Tieftonlautsprecher hinten links, Hochtonlautsprecher hinten rechts, Tieftonlautsprecher hinten rechts
806
7. Bedienungseinheit für Multimediasystem, Anzeigeeinheit für Steuergerät der Anzeige- und Bedienungseinheit, Informationen vorn, Steuergerät für Informationselektronik 1
807
8. Steuergerät für Informationselektronik 1, USB-Verteiler	808
9. Steuergerät für Informationselektronik 1, Steuergerät für Notrufmodul und Kommunikationseinheit, Mikrofon für Telefon
809
10. Steuergerät für Informationselektronik 1, Steuergerät für Notrufmodul und Kommunikationseinheit, Schalttafeleinsatz
810
11. Steuergerät für Informationselektronik 1, Dachantenne, GPS-Antenne	811
12. Steuergerät für Informationselektronik 1, Antennenmodul links, Antennenmodul rechts, Heckscheibe	812
13. Frequenzfilter für Amplitudenmodulation (AM), Frequenzfilter für Frequenzmodulation (FM) in der Minusleitung, Frequenzfilter für Frequenzmodulation (FM) in der Plusleitung, Heckscheibe
813
078 - Radio-Navigationssystem mit digitalem Soundpaket , (8AR),(9VU),(L0R)	814-826
1. Radio-Navigationssystem mit digitalem Soundpaket , (8AR),(9VU),(L0R)	814
2. Sicherungshalter A, Sicherungshalter C	815
3. Diagnose-Interface für Datenbus, Steuergerät für Informationselektronik 1	816
4. Steuergerät für digitales Soundpaket, Steuergerät für Informationselektronik 1, Centerlautsprecher, Subwoofer 817
5. Steuergerät für digitales Soundpaket, Steuergerät für Informationselektronik 1, Hochtonlautsprecher vorn links, Tieftonlautsprecher vorn links, Hochtonlautsprecher vorn rechts, Tieftonlautsprecher vorn rechts
818
6. Steuergerät für digitales Soundpaket, Steuergerät für Informationselektronik 1, Hochtonlautsprecher hinten links, Tieftonlautsprecher hinten links, Hochtonlautsprecher hinten rechts, Tieftonlautsprecher hinten rechts
819
7. Bedienungseinheit für Multimediasystem, Anzeigeeinheit für Steuergerät der Anzeige- und Bedienungseinheit, Informationen vorn, Steuergerät für Informationselektronik 1
820
8. Steuergerät für Informationselektronik 1, USB-Verteiler	821
9. Steuergerät für Informationselektronik 1, Steuergerät für Notrufmodul und Kommunikationseinheit, Mikrofon für Telefon
822
10. Steuergerät für Informationselektronik 1, Steuergerät für Notrufmodul und Kommunikationseinheit, Schalttafeleinsatz
823
11. Steuergerät für Informationselektronik 1, Dachantenne, GPS-Antenne	824
12. Steuergerät für Informationselektronik 1, Antennenmodul links, Antennenmodul rechts, Heckscheibe	825
13. Frequenzfilter für Amplitudenmodulation (AM), Frequenzfilter für Frequenzmodulation (FM) in der Minusleitung, Frequenzfilter für Frequenzmodulation (FM) in der Plusleitung, Heckscheibe
826
079 - Notrufmodul , (NZ2),(8RP),(8QL),(L0L)	827-831
1. Notrufmodul , (NZ2),(8RP),(8QL),(L0L)	827
2. Steuergerät für Notrufmodul und Kommunikationseinheit, Sicherungshalter A, Sicherungshalter C	828
3. Taster für Notruf, Steuergerät für Informationselektronik 1, Steuergerät für Notrufmodul und Kommunikationseinheit, LTE-Antenne 2
829
4. Steuergerät für Notrufmodul und Kommunikationseinheit, Dachantenne, Mikrofon für Telefon, Lautsprecher für Notrufmodul
830
5. Diagnose-Interface für Datenbus, Steuergerät für Notrufmodul und Kommunikationseinheit	831
080 - Notrufmodul , (NZ2),(8RP),(8QL),(L0R)	832-836
1. Notrufmodul , (NZ2),(8RP),(8QL),(L0R)	832
2. Steuergerät für Notrufmodul und Kommunikationseinheit, Sicherungshalter A, Sicherungshalter C	833
3. Taster für Notruf, Steuergerät für Informationselektronik 1, Steuergerät für Notrufmodul und Kommunikationseinheit, LTE-Antenne 2
834
4. Steuergerät für Notrufmodul und Kommunikationseinheit, Dachantenne, Mikrofon für Telefon, Lautsprecher für Notrufmodul
835
5. Diagnose-Interface für Datenbus, Steuergerät für Notrufmodul und Kommunikationseinheit	836
081 - Notrufmodul , (NZ2),(8AR),(L0L)	837-841
1. Notrufmodul , (NZ2),(8AR),(L0L)	837
2. Steuergerät für Notrufmodul und Kommunikationseinheit, Sicherungshalter A, Sicherungshalter C	838
3. Taster für Notruf, Steuergerät für Informationselektronik 1, Steuergerät für Notrufmodul und Kommunikationseinheit, LTE-Antenne 2
839
4. Steuergerät für Notrufmodul und Kommunikationseinheit, Dachantenne, Mikrofon für Telefon, Lautsprecher für Notrufmodul
840
5. Diagnose-Interface für Datenbus, Steuergerät für Notrufmodul und Kommunikationseinheit	841
082 - Notrufmodul , (NZ2),(8AR),(L0R)	842-846
1. Notrufmodul , (NZ2),(8AR),(L0R)	842
2. Steuergerät für Notrufmodul und Kommunikationseinheit, Sicherungshalter A, Sicherungshalter C	843
3. Taster für Notruf, Steuergerät für Informationselektronik 1, Steuergerät für Notrufmodul und Kommunikationseinheit, LTE-Antenne 2
844
4. Steuergerät für Notrufmodul und Kommunikationseinheit, Dachantenne, Mikrofon für Telefon, Lautsprecher für Notrufmodul
845
5. Diagnose-Interface für Datenbus, Steuergerät für Notrufmodul und Kommunikationseinheit	846
083 - Notrufmodul , (NZ0),(EL5)	847-851
1. Notrufmodul , (NZ0),(EL5)	847
2. Steuergerät für Notrufmodul und Kommunikationseinheit, Sicherungshalter A, Sicherungshalter C	848
3. Taster für Notruf, Steuergerät für Informationselektronik 1, Steuergerät für Notrufmodul und Kommunikationseinheit, LTE-Antenne 2
849
4. Steuergerät für Notrufmodul und Kommunikationseinheit, Dachantenne, Mikrofon für Telefon, Lautsprecher für Notrufmodul
850
5. Diagnose-Interface für Datenbus, Steuergerät für Notrufmodul und Kommunikationseinheit	851
084 - Mobiltelefonsysteme , (9IJ),(9ZV),(NZ2)	852-854
1. Mobiltelefonsysteme , (9IJ),(9ZV),(NZ2)	852
2. 2-Wege-Signalverstärker für Mobiltelefon, LTE-Antenne 1, Sicherungshalter A, Sicherungshalter C	853
3. Steuergerät für Informationselektronik 1, Ablagefach mit Schnittstelle für Handy	854
085 - Mobiltelefonsysteme , (9IJ),(9ZV),(NZ0)	855-857
1. Mobiltelefonsysteme , (9IJ),(9ZV),(NZ0)	855
2. 2-Wege-Signalverstärker für Mobiltelefon, Dachantenne, Glasbruch, Sicherungshalter A, Sicherungshalter C	856
3. Steuergerät für Informationselektronik 1, Ablagefach mit Schnittstelle für Handy	857
086 - Multifunktionslenkrad , (8T0),(8T2),(8T8),(8T9),(1NM),(1NA),(2FS),(2PK),(2PV),(2ZA)	858-862
1. Multifunktionslenkrad , (8T0),(8T2),(8T8),(8T9),(1NM),(1NA),(2FS),(2PK),(2PV),(2ZA)	858
2. Schalter für Tiptronic im Lenkrad links, Multifunktionstasten im Lenkrad links, Wickelfeder, Signalhorntbetätigung
859
3. Schalter für Tiptronic im Lenkrad rechts, Multifunktionstasten im Lenkrad rechts, Wickelfeder	860
4. Diagnose-Interface für Datenbus	861
5. Steuergerät für Lenksäulenelektronik, Sicherungshalter A, Sicherungshalter C	862
087 - Multifunktionslenkrad , (8T7),(8T8)	863-867
1. Multifunktionslenkrad , (8T7),(8T8)	863
2. Schalter für Tiptronic im Lenkrad links, Multifunktionstasten im Lenkrad links, Wickelfeder, Signalhorntbetätigung, Steuergerät für Lenkradelektronik, Steuergerät für Lenkradelektronik
864
3. Schalter für Tiptronic im Lenkrad rechts, Multifunktionstasten im Lenkrad rechts, Geber für beheiztes Lenkrad, Steuergerät für Lenkradelektronik
865
4. Steuergerät für Lenksäulenelektronik, Diagnose-Interface für Datenbus	866
